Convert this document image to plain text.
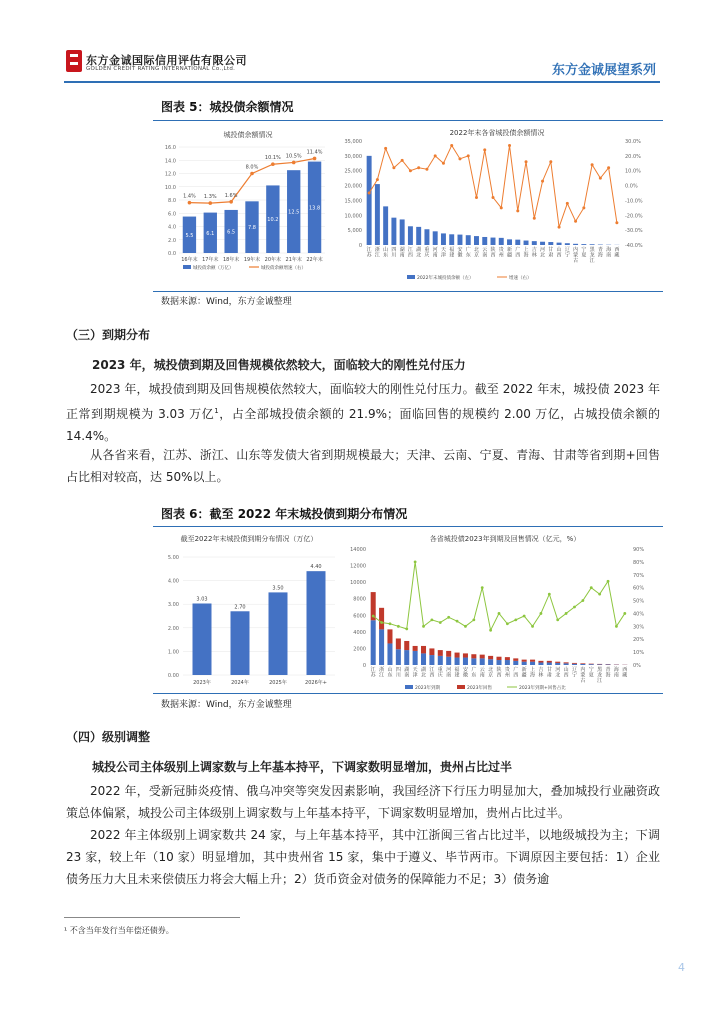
东方金诚国际信用评估有限公司
GOLDEN CREDIT RATING INTERNATIONAL Co.,Ltd.	东方金诚展望系列
图表 5：城投债余额情况
城投债余额情况
0.0
2.0
4.0
6.0
8.0
10.0
12.0
14.0
16.0
5.5
16年末
6.1
17年末
6.5
18年末
7.8
19年末
10.2
20年末
12.5
21年末
13.8
22年末
1.4% 1.3% 1.6%
8.0%
10.1% 10.5%
11.4%
城投债余额（万亿）	城投债余额增速（右）
2022年末各省城投债余额情况
0
5,000
10,000
15,000
20,000
25,000
30,000
35,000	30.0%
20.0%
10.0%
0.0%
-10.0%
-20.0%
-30.0%
-40.0%
江苏
浙江
山东
四川
湖南
江西
湖北
重庆
河南
天津
福建
安徽
广东
北京
云南
陕西
贵州
新疆
广西
上海
吉林
河北
甘肃
山西
辽宁
内蒙古
宁夏
黑龙江
青海
海南
西藏
2022年末城投债余额（左）	增速（右）
数据来源：Wind，东方金诚整理
（三）到期分布
2023 年，城投债到期及回售规模依然较大，面临较大的刚性兑付压力
2023 年，城投债到期及回售规模依然较大，面临较大的刚性兑付压力。截至 2022 年末，城投债 2023 年正常到期规模为 3.03 万亿$^1$，占全部城投债余额的 21.9%；面临回售的规模约 2.00 万亿，占城投债余额的 14.4%。
从各省来看，江苏、浙江、山东等发债大省到期规模最大；天津、云南、宁夏、青海、甘肃等省到期+回售占比相对较高，达 50%以上。
图表 6：截至 2022 年末城投债到期分布情况
截至2022年末城投债到期分布情况（万亿）
0.00
1.00
2.00
3.00
4.00
5.00
3.03
2023年
2.70
2024年
3.50
2025年
4.40
2026年+
各省城投债2023年到期及回售情况（亿元，%）
0
2000
4000
6000
8000
10000
12000
14000
0%
10%
20%
30%
40%
50%
60%
70%
80%
90%
江苏
浙江
山东
四川
湖南
天津
湖北
江西
重庆
河南
福建
安徽
广东
云南
北京
陕西
贵州
广西
新疆
上海
吉林
甘肃
河北
山西
辽宁
内蒙古
宁夏
黑龙江
青海
海南
西藏
2023年到期	2023年回售	2023年到期+回售占比
数据来源：Wind，东方金诚整理
（四）级别调整
城投公司主体级别上调家数与上年基本持平，下调家数明显增加，贵州占比过半
2022 年，受新冠肺炎疫情、俄乌冲突等突发因素影响，我国经济下行压力明显加大，叠加城投行业融资政策总体偏紧，城投公司主体级别上调家数与上年基本持平，下调家数明显增加，贵州占比过半。
2022 年主体级别上调家数共 24 家，与上年基本持平，其中江浙闽三省占比过半，以地级城投为主；下调 23 家，较上年（10 家）明显增加，其中贵州省 15 家，集中于遵义、毕节两市。下调原因主要包括：1）企业债务压力大且未来偿债压力将会大幅上升；2）货币资金对债务的保障能力不足；3）债务逾
¹ 不含当年发行当年偿还债券。
4
